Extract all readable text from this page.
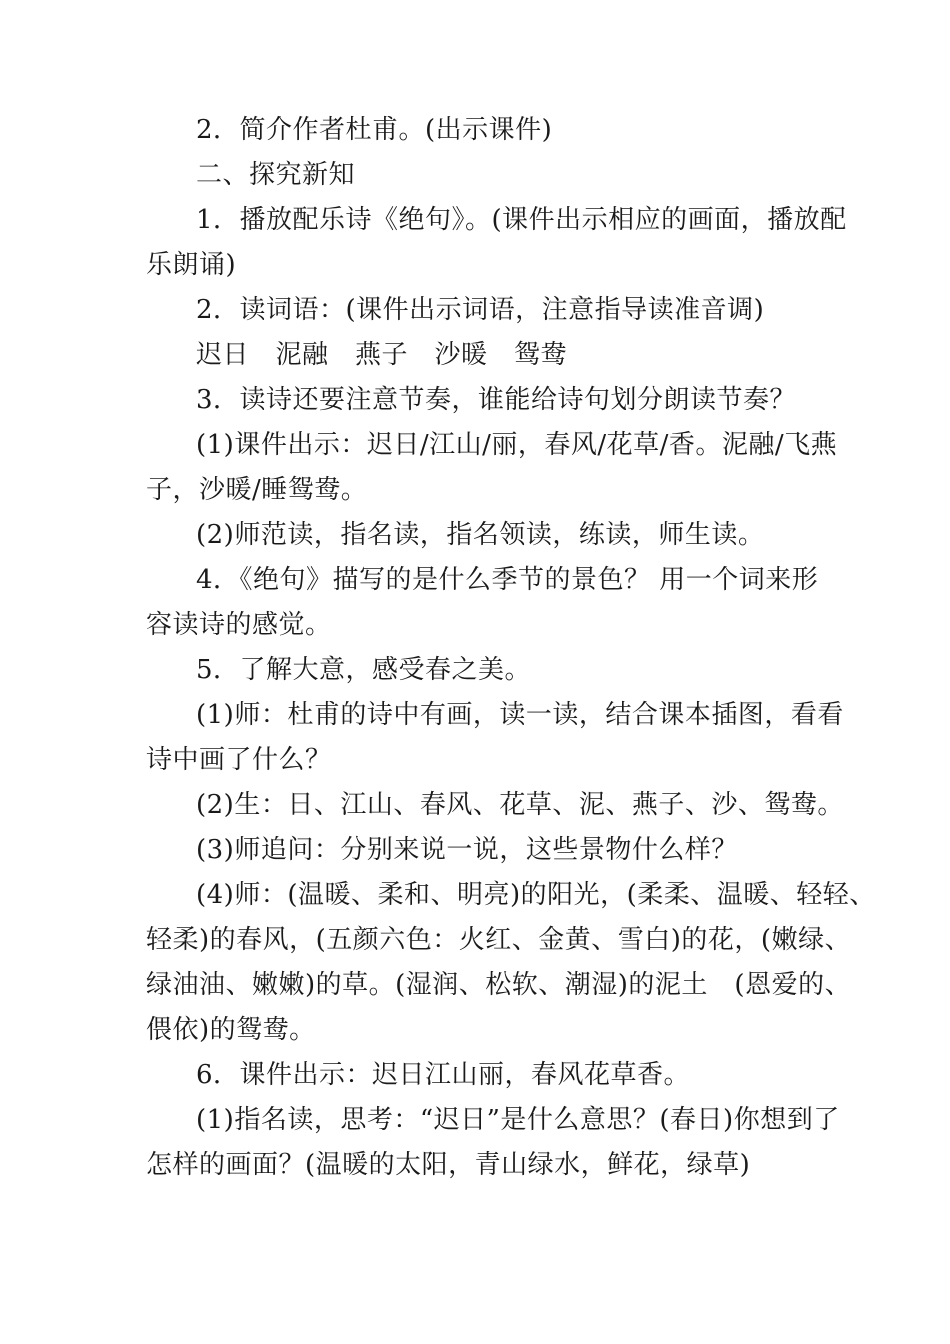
2．简介作者杜甫。(出示课件)
二、探究新知
1．播放配乐诗《绝句》。(课件出示相应的画面，播放配
乐朗诵)
2．读词语：(课件出示词语，注意指导读准音调)
迟日　泥融　燕子　沙暖　鸳鸯
3．读诗还要注意节奏，谁能给诗句划分朗读节奏？
(1)课件出示：迟日/江山/丽，春风/花草/香。泥融/飞燕
子，沙暖/睡鸳鸯。
(2)师范读，指名读，指名领读，练读，师生读。
4．《绝句》描写的是什么季节的景色？ 用一个词来形
容读诗的感觉。
5．了解大意，感受春之美。
(1)师：杜甫的诗中有画，读一读，结合课本插图，看看
诗中画了什么？
(2)生：日、江山、春风、花草、泥、燕子、沙、鸳鸯。
(3)师追问：分别来说一说，这些景物什么样？
(4)师：(温暖、柔和、明亮)的阳光，(柔柔、温暖、轻轻、
轻柔)的春风，(五颜六色：火红、金黄、雪白)的花，(嫩绿、
绿油油、嫩嫩)的草。(湿润、松软、潮湿)的泥土　(恩爱的、
偎依)的鸳鸯。
6．课件出示：迟日江山丽，春风花草香。
(1)指名读，思考：“迟日”是什么意思？(春日)你想到了
怎样的画面？(温暖的太阳，青山绿水，鲜花，绿草)
